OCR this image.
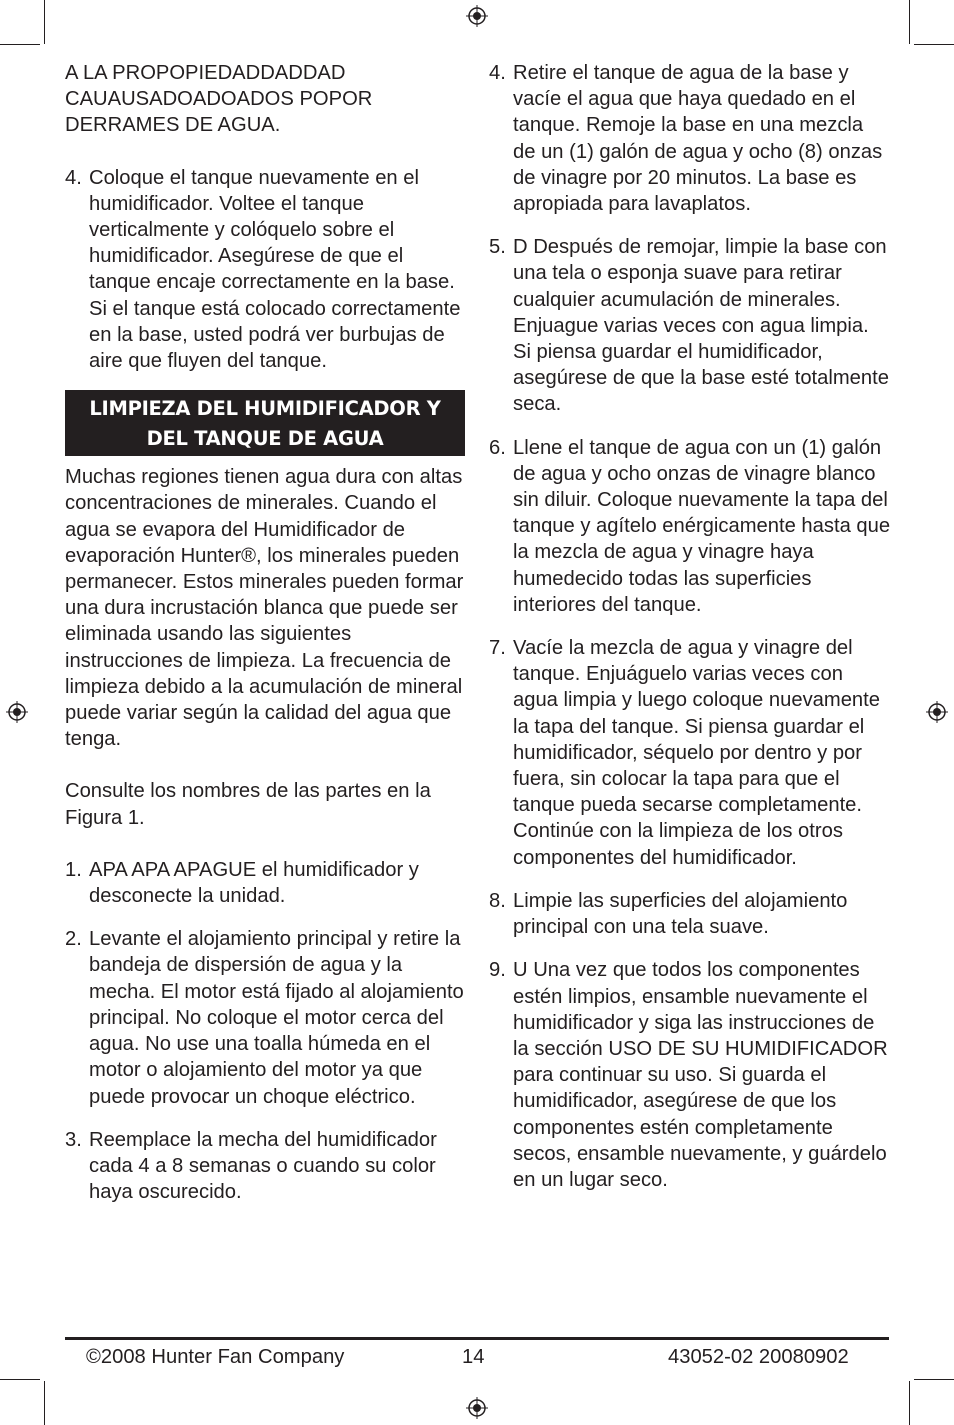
A LA PROPOPIEDADDADDAD CAUAUSADOADOADOS POPOR DERRAMES DE AGUA.

4. Coloque el tanque nuevamente en el humidificador. Voltee el tanque verticalmente y colóquelo sobre el humidificador. Asegúrese de que el tanque encaje correctamente en la base. Si el tanque está colocado correctamente en la base, usted podrá ver burbujas de aire que fluyen del tanque.
LIMPIEZA DEL HUMIDIFICADOR Y
DEL TANQUE DE AGUA

Muchas regiones tienen agua dura con altas concentraciones de minerales. Cuando el agua se evapora del Humidificador de evaporación Hunter®, los minerales pueden permanecer. Estos minerales pueden formar una dura incrustación blanca que puede ser eliminada usando las siguientes instrucciones de limpieza. La frecuencia de limpieza debido a la acumulación de mineral puede variar según la calidad del agua que tenga.

Consulte los nombres de las partes en la Figura 1.

1. APA APA APAGUE el humidificador y desconecte la unidad.
2. Levante el alojamiento principal y retire la bandeja de dispersión de agua y la mecha. El motor está fijado al alojamiento principal. No coloque el motor cerca del agua. No use una toalla húmeda en el motor o alojamiento del motor ya que puede provocar un choque eléctrico.
3. Reemplace la mecha del humidificador cada 4 a 8 semanas o cuando su color haya oscurecido.
4. Retire el tanque de agua de la base y vacíe el agua que haya quedado en el tanque. Remoje la base en una mezcla de un (1) galón de agua y ocho (8) onzas de vinagre por 20 minutos. La base es apropiada para lavaplatos.
5. D Después de remojar, limpie la base con una tela o esponja suave para retirar cualquier acumulación de minerales. Enjuague varias veces con agua limpia. Si piensa guardar el humidificador, asegúrese de que la base esté totalmente seca.
6. Llene el tanque de agua con un (1) galón de agua y ocho onzas de vinagre blanco sin diluir. Coloque nuevamente la tapa del tanque y agítelo enérgicamente hasta que la mezcla de agua y vinagre haya humedecido todas las superficies interiores del tanque.
7. Vacíe la mezcla de agua y vinagre del tanque. Enjuáguelo varias veces con agua limpia y luego coloque nuevamente la tapa del tanque. Si piensa guardar el humidificador, séquelo por dentro y por fuera, sin colocar la tapa para que el tanque pueda secarse completamente. Continúe con la limpieza de los otros componentes del humidificador.
8. Limpie las superficies del alojamiento principal con una tela suave.
9. U Una vez que todos los componentes estén limpios, ensamble nuevamente el humidificador y siga las instrucciones de la sección USO DE SU HUMIDIFICADOR para continuar su uso. Si guarda el humidificador, asegúrese de que los componentes estén completamente secos, ensamble nuevamente, y guárdelo en un lugar seco.
©2008 Hunter Fan Company	14	43052-02 20080902
